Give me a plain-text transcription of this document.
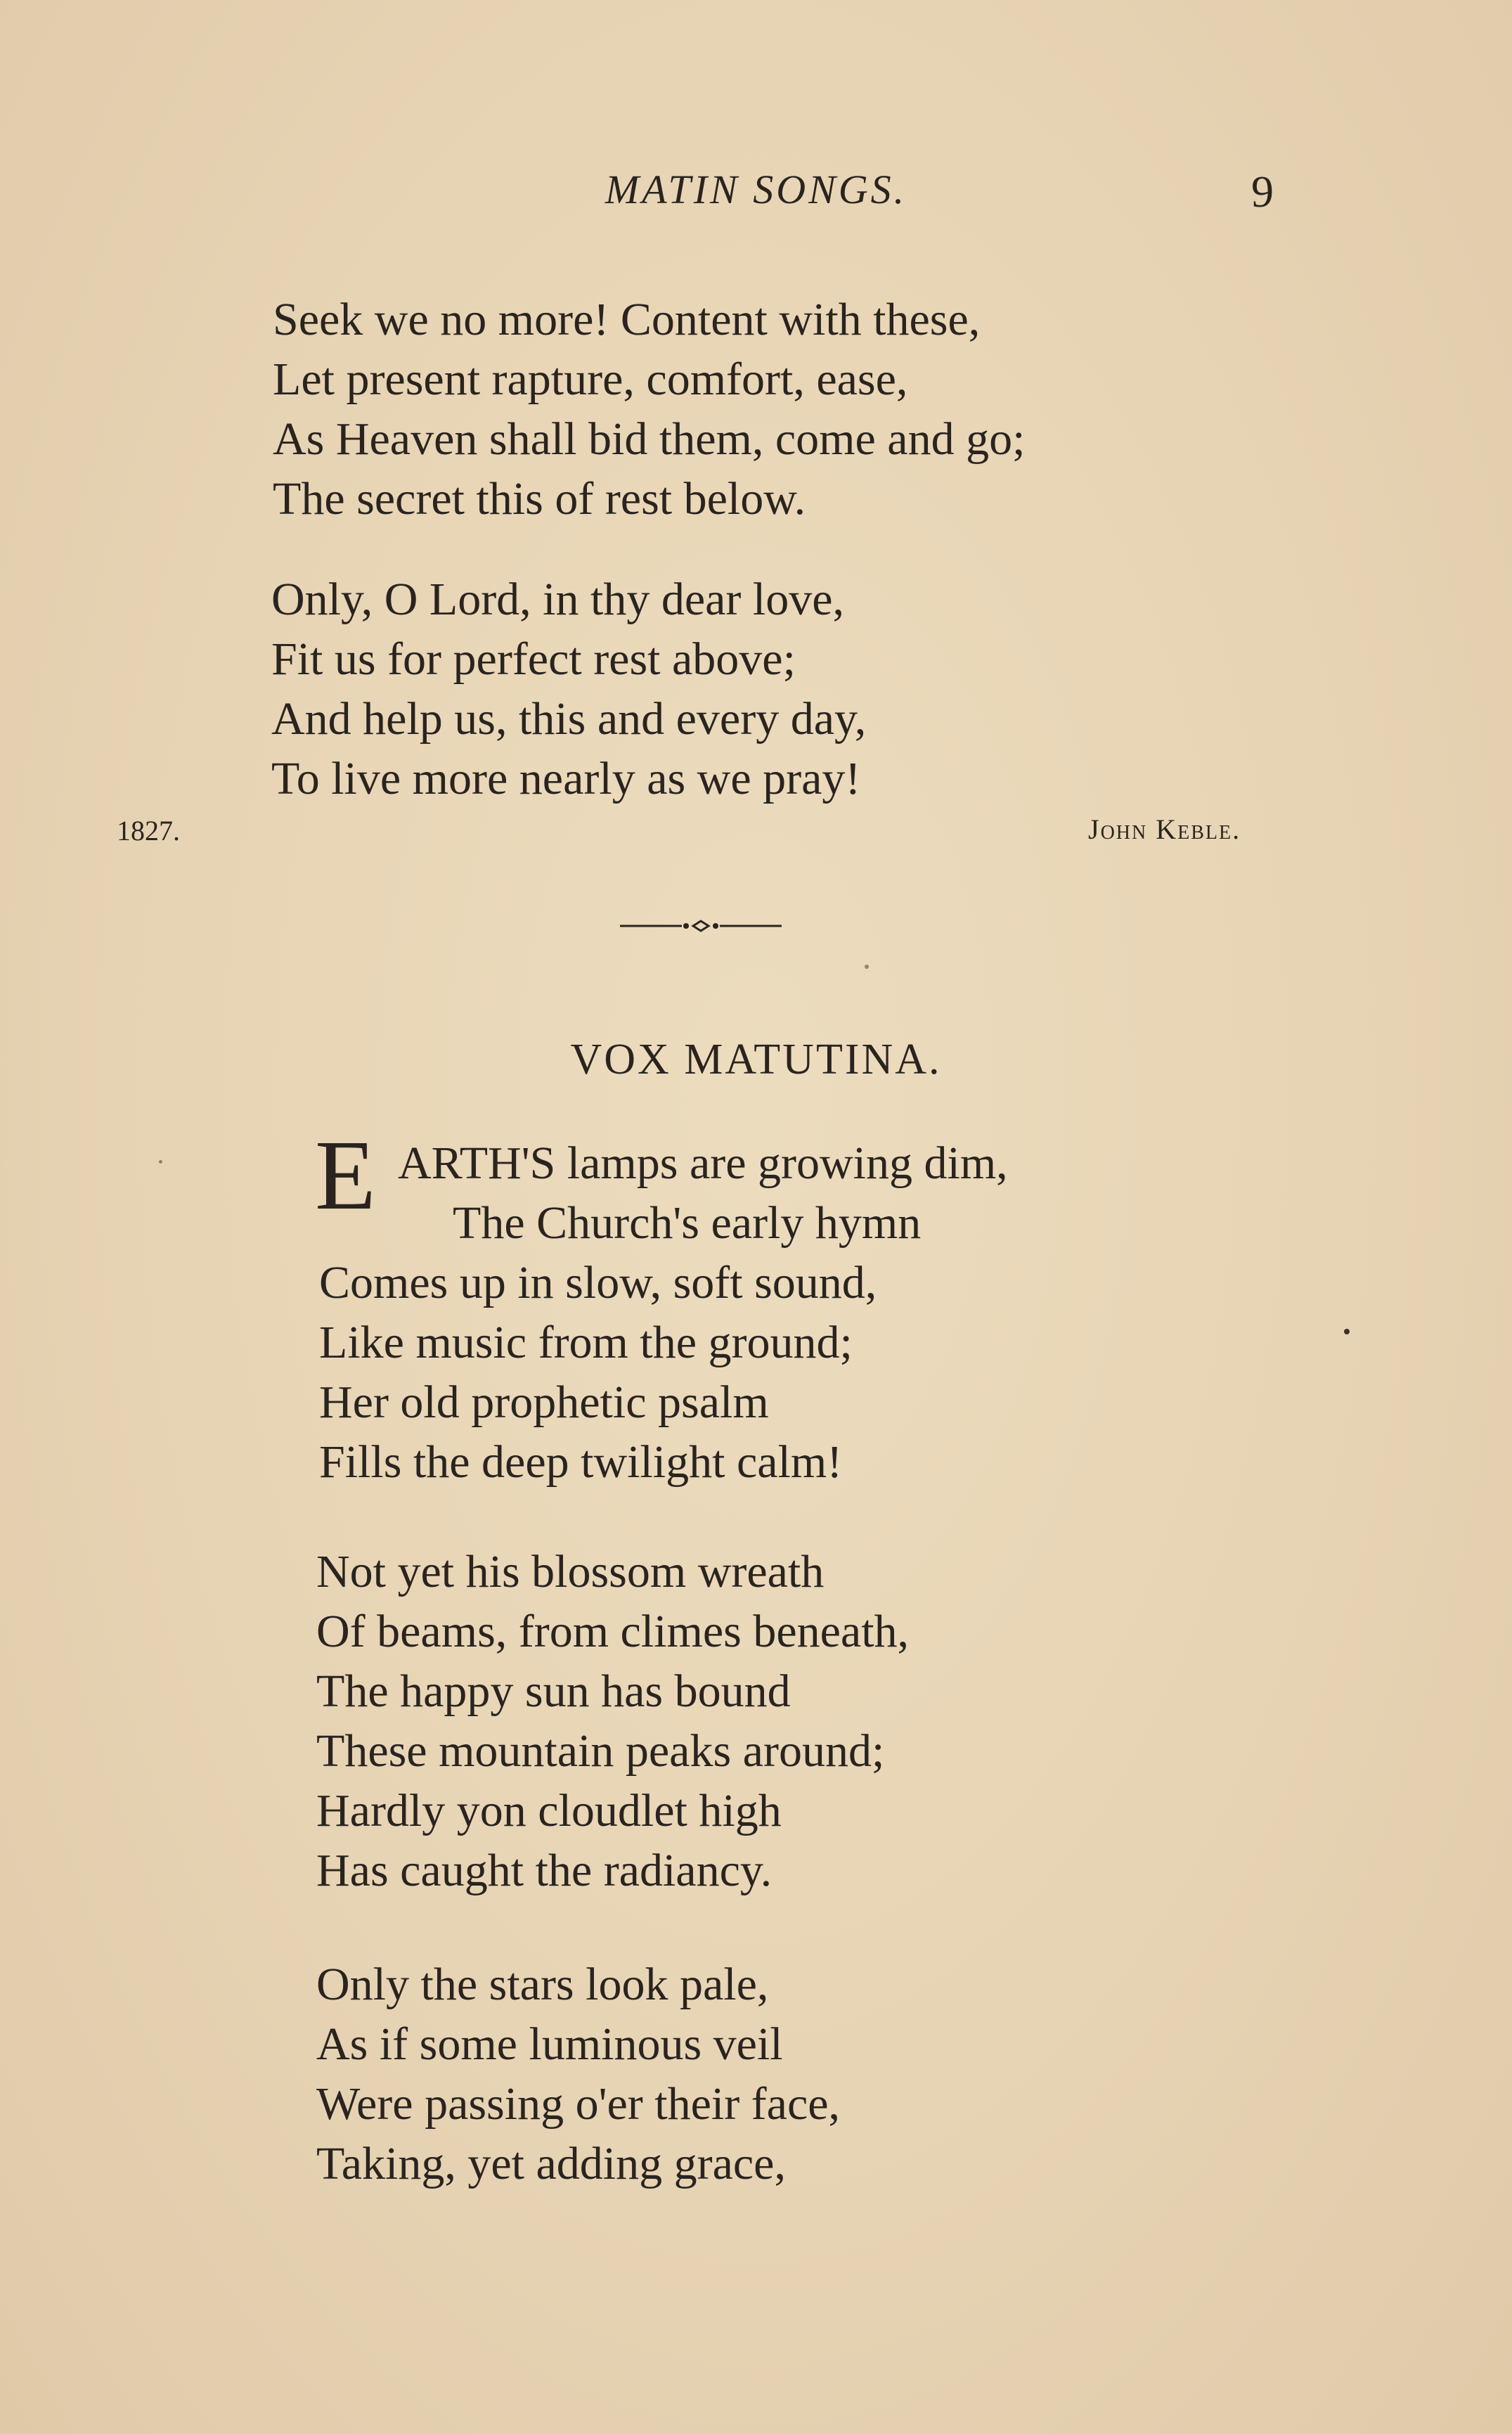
MATIN SONGS.	9
Seek we no more! Content with these,
Let present rapture, comfort, ease,
As Heaven shall bid them, come and go;
The secret this of rest below.
Only, O Lord, in thy dear love,
Fit us for perfect rest above;
And help us, this and every day,
To live more nearly as we pray!
1827.	John Keble.
VOX MATUTINA.
E ARTH'S lamps are growing dim,
The Church's early hymn
Comes up in slow, soft sound,
Like music from the ground;
Her old prophetic psalm
Fills the deep twilight calm!
Not yet his blossom wreath
Of beams, from climes beneath,
The happy sun has bound
These mountain peaks around;
Hardly yon cloudlet high
Has caught the radiancy.
Only the stars look pale,
As if some luminous veil
Were passing o'er their face,
Taking, yet adding grace,
